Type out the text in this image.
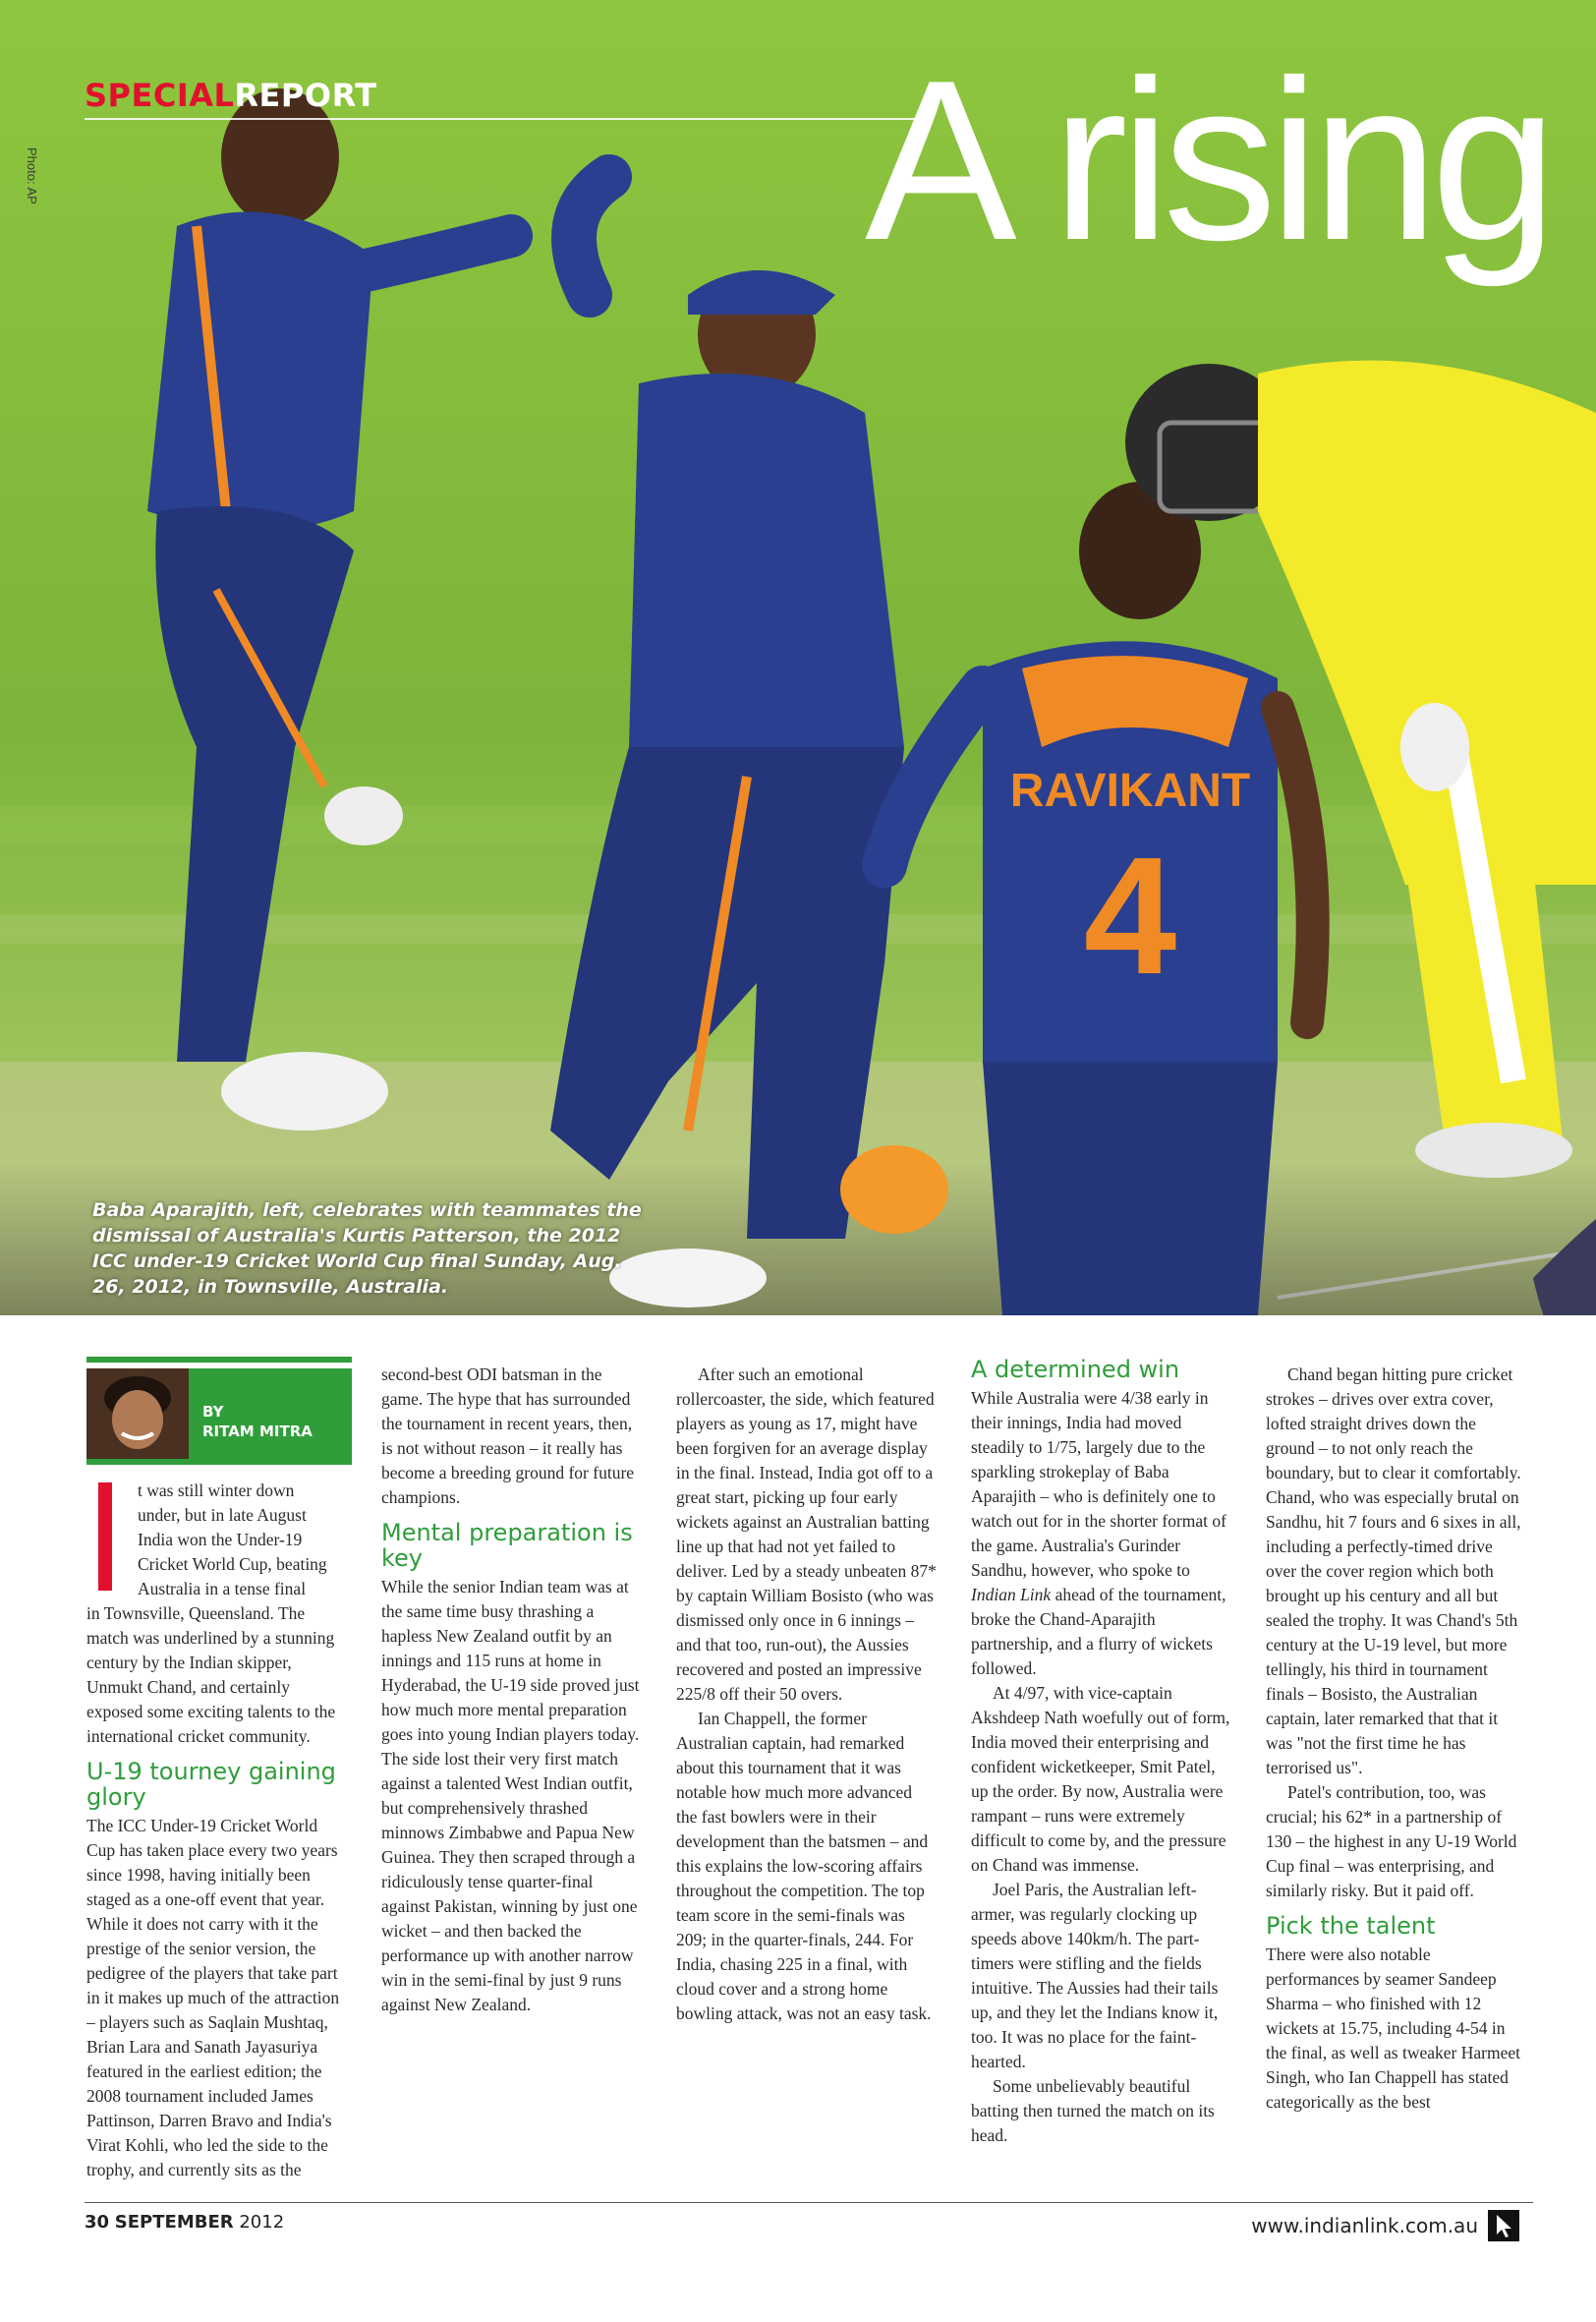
RAVIKANT
4
SPECIALREPORT
Photo: AP	A rising
Baba Aparajith, left, celebrates with teammates the dismissal of Australia's Kurtis Patterson, the 2012 ICC under-19 Cricket World Cup final Sunday, Aug. 26, 2012, in Townsville, Australia.
BY
RITAM MITRA
t was still winter down
under, but in late August
India won the Under-19
Cricket World Cup, beating
Australia in a tense final

in Townsville, Queensland. The match was underlined by a stunning century by the Indian skipper, Unmukt Chand, and certainly exposed some exciting talents to the international cricket community.

U-19 tourney gaining glory

The ICC Under-19 Cricket World Cup has taken place every two years since 1998, having initially been staged as a one-off event that year. While it does not carry with it the prestige of the senior version, the pedigree of the players that take part in it makes up much of the attraction – players such as Saqlain Mushtaq, Brian Lara and Sanath Jayasuriya featured in the earliest edition; the 2008 tournament included James Pattinson, Darren Bravo and India's Virat Kohli, who led the side to the trophy, and currently sits as the

second-best ODI batsman in the game. The hype that has surrounded the tournament in recent years, then, is not without reason – it really has become a breeding ground for future champions.

Mental preparation is key

While the senior Indian team was at the same time busy thrashing a hapless New Zealand outfit by an innings and 115 runs at home in Hyderabad, the U-19 side proved just how much more mental preparation goes into young Indian players today. The side lost their very first match against a talented West Indian outfit, but comprehensively thrashed minnows Zimbabwe and Papua New Guinea. They then scraped through a ridiculously tense quarter-final against Pakistan, winning by just one wicket – and then backed the performance up with another narrow win in the semi-final by just 9 runs against New Zealand.

After such an emotional rollercoaster, the side, which featured players as young as 17, might have been forgiven for an average display in the final. Instead, India got off to a great start, picking up four early wickets against an Australian batting line up that had not yet failed to deliver. Led by a steady unbeaten 87* by captain William Bosisto (who was dismissed only once in 6 innings – and that too, run-out), the Aussies recovered and posted an impressive 225/8 off their 50 overs.

Ian Chappell, the former Australian captain, had remarked about this tournament that it was notable how much more advanced the fast bowlers were in their development than the batsmen – and this explains the low-scoring affairs throughout the competition. The top team score in the semi-finals was 209; in the quarter-finals, 244. For India, chasing 225 in a final, with cloud cover and a strong home bowling attack, was not an easy task.

A determined win

While Australia were 4/38 early in their innings, India had moved steadily to 1/75, largely due to the sparkling strokeplay of Baba Aparajith – who is definitely one to watch out for in the shorter format of the game. Australia's Gurinder Sandhu, however, who spoke to Indian Link ahead of the tournament, broke the Chand-Aparajith partnership, and a flurry of wickets followed.

At 4/97, with vice-captain Akshdeep Nath woefully out of form, India moved their enterprising and confident wicketkeeper, Smit Patel, up the order. By now, Australia were rampant – runs were extremely difficult to come by, and the pressure on Chand was immense.

Joel Paris, the Australian left-armer, was regularly clocking up speeds above 140km/h. The part-timers were stifling and the fields intuitive. The Aussies had their tails up, and they let the Indians know it, too. It was no place for the faint-hearted.

Some unbelievably beautiful batting then turned the match on its head.

Chand began hitting pure cricket strokes – drives over extra cover, lofted straight drives down the ground – to not only reach the boundary, but to clear it comfortably. Chand, who was especially brutal on Sandhu, hit 7 fours and 6 sixes in all, including a perfectly-timed drive over the cover region which both brought up his century and all but sealed the trophy. It was Chand's 5th century at the U-19 level, but more tellingly, his third in tournament finals – Bosisto, the Australian captain, later remarked that that it was "not the first time he has terrorised us".

Patel's contribution, too, was crucial; his 62* in a partnership of 130 – the highest in any U-19 World Cup final – was enterprising, and similarly risky. But it paid off.

Pick the talent

There were also notable performances by seamer Sandeep Sharma – who finished with 12 wickets at 15.75, including 4-54 in the final, as well as tweaker Harmeet Singh, who Ian Chappell has stated categorically as the best

30 SEPTEMBER 2012	www.indianlink.com.au
